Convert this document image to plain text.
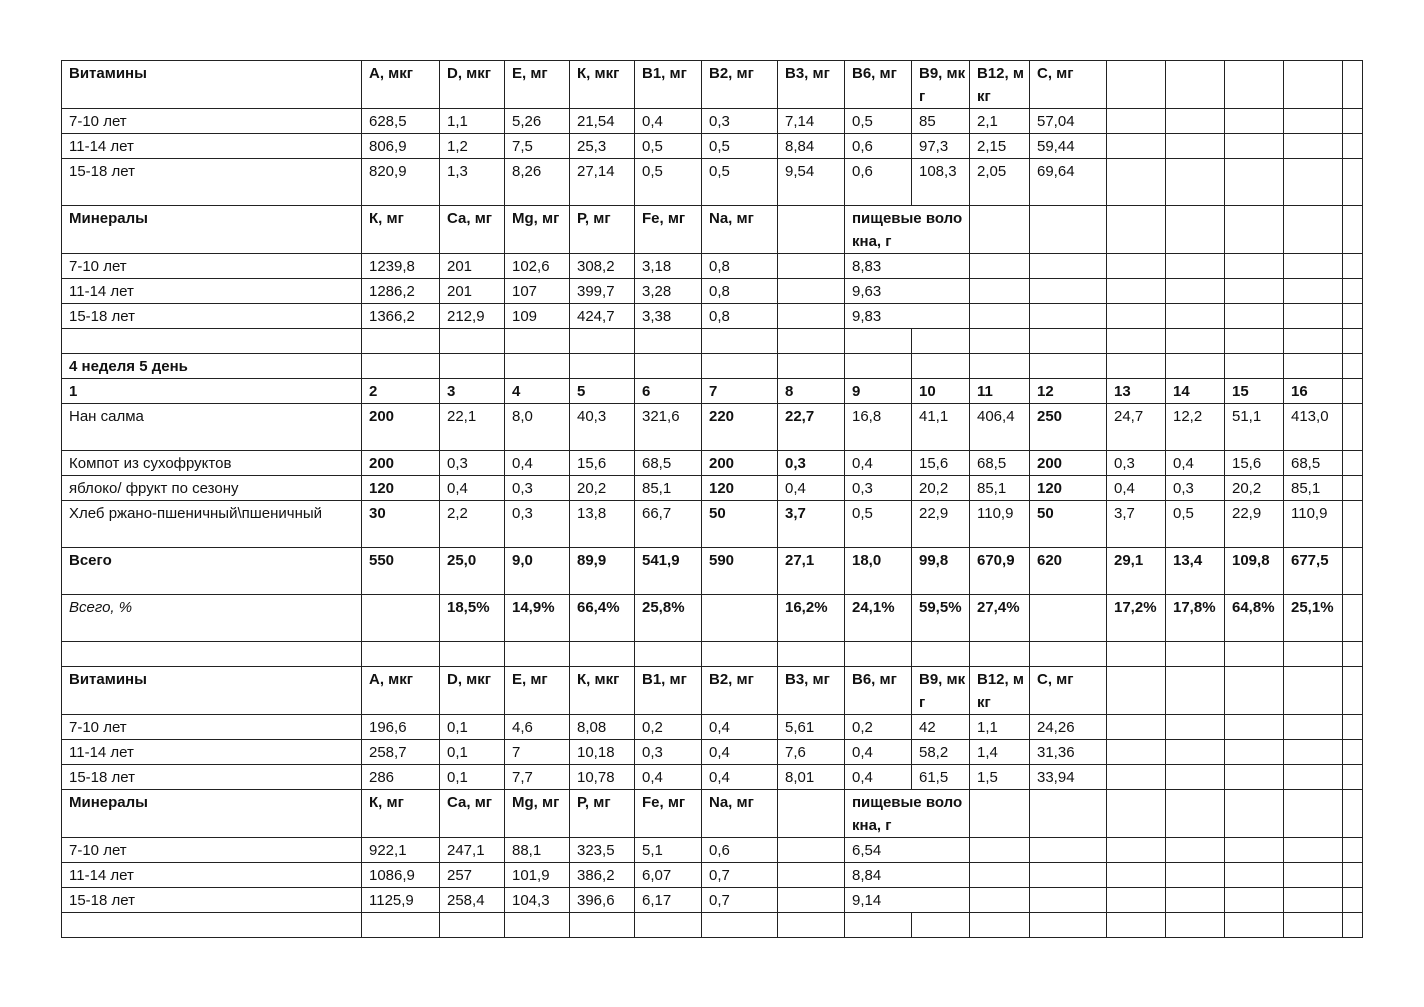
Витамины	А, мкг	D, мкг	Е, мг	К, мкг	В1, мг	В2, мг	В3, мг	В6, мг	В9, мкг	В12, мкг	С, мг					
7-10 лет	628,5	1,1	5,26	21,54	0,4	0,3	7,14	0,5	85	2,1	57,04					
11-14 лет	806,9	1,2	7,5	25,3	0,5	0,5	8,84	0,6	97,3	2,15	59,44					
15-18 лет	820,9	1,3	8,26	27,14	0,5	0,5	9,54	0,6	108,3	2,05	69,64					
Минералы	К, мг	Са, мг	Mg, мг	Р, мг	Fe, мг	Na, мг		пищевые волокна, г								
7-10 лет	1239,8	201	102,6	308,2	3,18	0,8		8,83								
11-14 лет	1286,2	201	107	399,7	3,28	0,8		9,63								
15-18 лет	1366,2	212,9	109	424,7	3,38	0,8		9,83								

4 неделя 5 день																
1	2	3	4	5	6	7	8	9	10	11	12	13	14	15	16	
Нан салма	200	22,1	8,0	40,3	321,6	220	22,7	16,8	41,1	406,4	250	24,7	12,2	51,1	413,0	
Компот из сухофруктов	200	0,3	0,4	15,6	68,5	200	0,3	0,4	15,6	68,5	200	0,3	0,4	15,6	68,5	
яблоко/ фрукт по сезону	120	0,4	0,3	20,2	85,1	120	0,4	0,3	20,2	85,1	120	0,4	0,3	20,2	85,1	
Хлеб ржано-пшеничный\пшеничный	30	2,2	0,3	13,8	66,7	50	3,7	0,5	22,9	110,9	50	3,7	0,5	22,9	110,9	
Всего	550	25,0	9,0	89,9	541,9	590	27,1	18,0	99,8	670,9	620	29,1	13,4	109,8	677,5	
Всего, %		18,5%	14,9%	66,4%	25,8%		16,2%	24,1%	59,5%	27,4%		17,2%	17,8%	64,8%	25,1%	

Витамины	А, мкг	D, мкг	Е, мг	К, мкг	В1, мг	В2, мг	В3, мг	В6, мг	В9, мкг	В12, мкг	С, мг					
7-10 лет	196,6	0,1	4,6	8,08	0,2	0,4	5,61	0,2	42	1,1	24,26					
11-14 лет	258,7	0,1	7	10,18	0,3	0,4	7,6	0,4	58,2	1,4	31,36					
15-18 лет	286	0,1	7,7	10,78	0,4	0,4	8,01	0,4	61,5	1,5	33,94					
Минералы	К, мг	Са, мг	Mg, мг	Р, мг	Fe, мг	Na, мг		пищевые волокна, г								
7-10 лет	922,1	247,1	88,1	323,5	5,1	0,6		6,54								
11-14 лет	1086,9	257	101,9	386,2	6,07	0,7		8,84								
15-18 лет	1125,9	258,4	104,3	396,6	6,17	0,7		9,14								
